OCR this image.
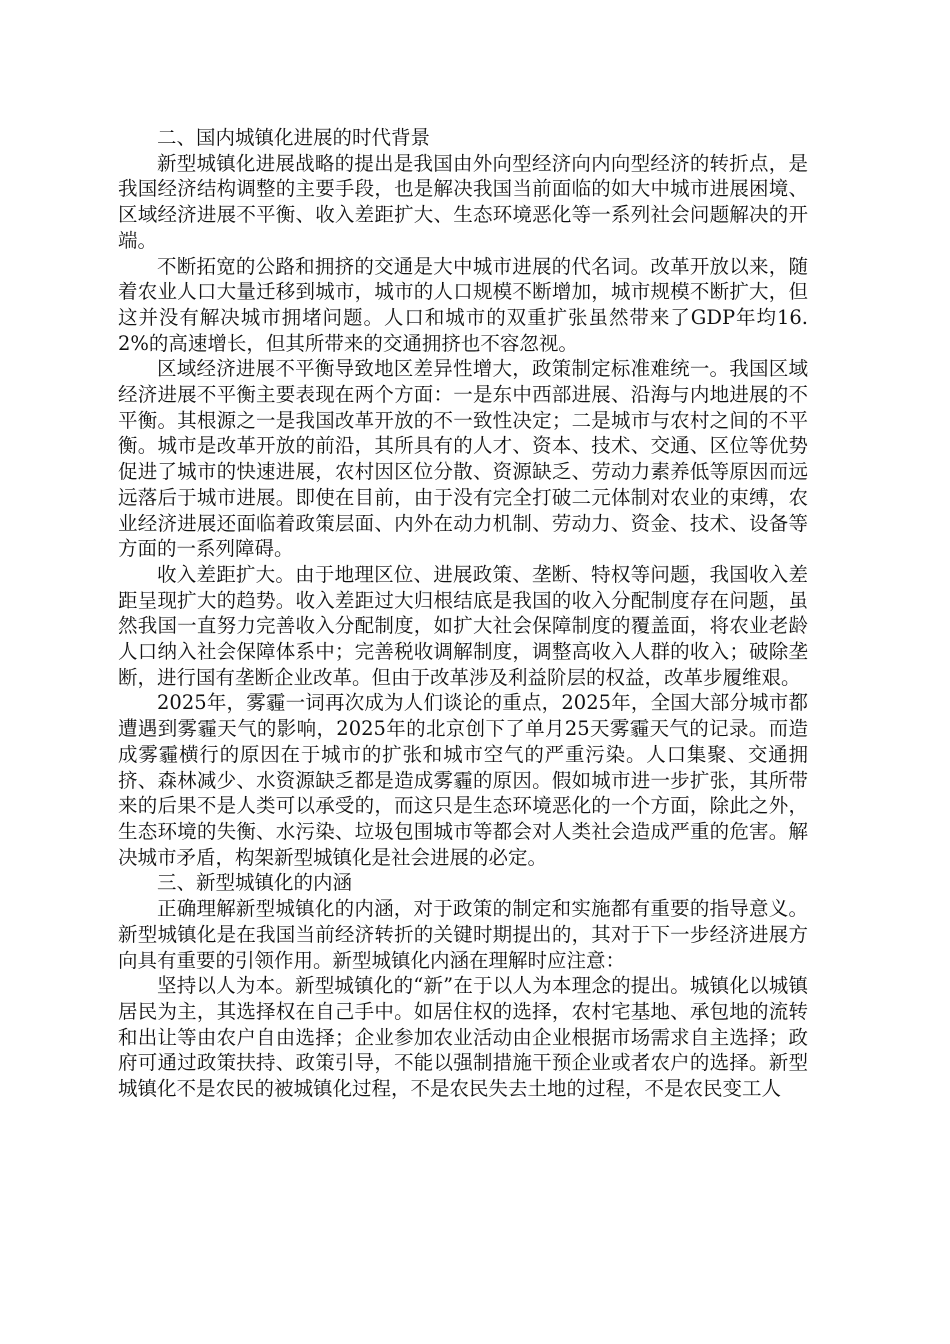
二、国内城镇化进展的时代背景

新型城镇化进展战略的提出是我国由外向型经济向内向型经济的转折点，是我国经济结构调整的主要手段，也是解决我国当前面临的如大中城市进展困境、区域经济进展不平衡、收入差距扩大、生态环境恶化等一系列社会问题解决的开端。

不断拓宽的公路和拥挤的交通是大中城市进展的代名词。改革开放以来，随着农业人口大量迁移到城市，城市的人口规模不断增加，城市规模不断扩大，但这并没有解决城市拥堵问题。人口和城市的双重扩张虽然带来了GDP年均16.2%的高速增长，但其所带来的交通拥挤也不容忽视。

区域经济进展不平衡导致地区差异性增大，政策制定标准难统一。我国区域经济进展不平衡主要表现在两个方面：一是东中西部进展、沿海与内地进展的不平衡。其根源之一是我国改革开放的不一致性决定；二是城市与农村之间的不平衡。城市是改革开放的前沿，其所具有的人才、资本、技术、交通、区位等优势促进了城市的快速进展，农村因区位分散、资源缺乏、劳动力素养低等原因而远远落后于城市进展。即使在目前，由于没有完全打破二元体制对农业的束缚，农业经济进展还面临着政策层面、内外在动力机制、劳动力、资金、技术、设备等方面的一系列障碍。

收入差距扩大。由于地理区位、进展政策、垄断、特权等问题，我国收入差距呈现扩大的趋势。收入差距过大归根结底是我国的收入分配制度存在问题，虽然我国一直努力完善收入分配制度，如扩大社会保障制度的覆盖面，将农业老龄人口纳入社会保障体系中；完善税收调解制度，调整高收入人群的收入；破除垄断，进行国有垄断企业改革。但由于改革涉及利益阶层的权益，改革步履维艰。

2025年，雾霾一词再次成为人们谈论的重点，2025年，全国大部分城市都遭遇到雾霾天气的影响，2025年的北京创下了单月25天雾霾天气的记录。而造成雾霾横行的原因在于城市的扩张和城市空气的严重污染。人口集聚、交通拥挤、森林减少、水资源缺乏都是造成雾霾的原因。假如城市进一步扩张，其所带来的后果不是人类可以承受的，而这只是生态环境恶化的一个方面，除此之外，生态环境的失衡、水污染、垃圾包围城市等都会对人类社会造成严重的危害。解决城市矛盾，构架新型城镇化是社会进展的必定。

三、新型城镇化的内涵

正确理解新型城镇化的内涵，对于政策的制定和实施都有重要的指导意义。新型城镇化是在我国当前经济转折的关键时期提出的，其对于下一步经济进展方向具有重要的引领作用。新型城镇化内涵在理解时应注意：

坚持以人为本。新型城镇化的“新”在于以人为本理念的提出。城镇化以城镇居民为主，其选择权在自己手中。如居住权的选择，农村宅基地、承包地的流转和出让等由农户自由选择；企业参加农业活动由企业根据市场需求自主选择；政府可通过政策扶持、政策引导，不能以强制措施干预企业或者农户的选择。新型城镇化不是农民的被城镇化过程，不是农民失去土地的过程，不是农民变工人
